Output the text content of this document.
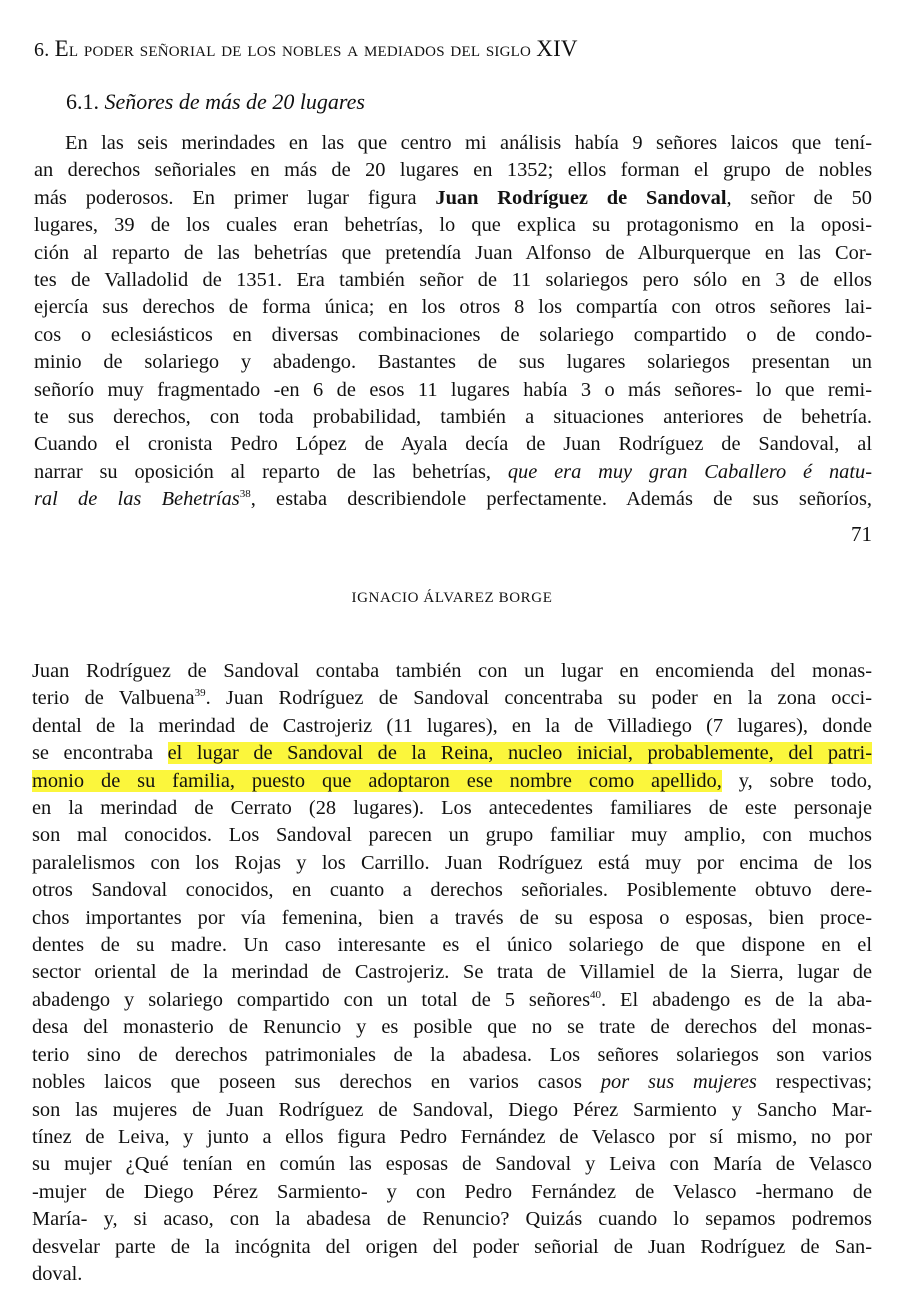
6. El poder señorial de los nobles a mediados del siglo XIV
6.1. Señores de más de 20 lugares
En las seis merindades en las que centro mi análisis había 9 señores laicos que tení-
an derechos señoriales en más de 20 lugares en 1352; ellos forman el grupo de nobles
más poderosos. En primer lugar figura Juan Rodríguez de Sandoval, señor de 50
lugares, 39 de los cuales eran behetrías, lo que explica su protagonismo en la oposi-
ción al reparto de las behetrías que pretendía Juan Alfonso de Alburquerque en las Cor-
tes de Valladolid de 1351. Era también señor de 11 solariegos pero sólo en 3 de ellos
ejercía sus derechos de forma única; en los otros 8 los compartía con otros señores lai-
cos o eclesiásticos en diversas combinaciones de solariego compartido o de condo-
minio de solariego y abadengo. Bastantes de sus lugares solariegos presentan un
señorío muy fragmentado -en 6 de esos 11 lugares había 3 o más señores- lo que remi-
te sus derechos, con toda probabilidad, también a situaciones anteriores de behetría.
Cuando el cronista Pedro López de Ayala decía de Juan Rodríguez de Sandoval, al
narrar su oposición al reparto de las behetrías, que era muy gran Caballero é natu-
ral de las Behetrías$^{38}$, estaba describiendole perfectamente. Además de sus señoríos,
71
IGNACIO ÁLVAREZ BORGE
Juan Rodríguez de Sandoval contaba también con un lugar en encomienda del monas-
terio de Valbuena$^{39}$. Juan Rodríguez de Sandoval concentraba su poder en la zona occi-
dental de la merindad de Castrojeriz (11 lugares), en la de Villadiego (7 lugares), donde
se encontraba el lugar de Sandoval de la Reina, nucleo inicial, probablemente, del patri-
monio de su familia, puesto que adoptaron ese nombre como apellido, y, sobre todo,
en la merindad de Cerrato (28 lugares). Los antecedentes familiares de este personaje
son mal conocidos. Los Sandoval parecen un grupo familiar muy amplio, con muchos
paralelismos con los Rojas y los Carrillo. Juan Rodríguez está muy por encima de los
otros Sandoval conocidos, en cuanto a derechos señoriales. Posiblemente obtuvo dere-
chos importantes por vía femenina, bien a través de su esposa o esposas, bien proce-
dentes de su madre. Un caso interesante es el único solariego de que dispone en el
sector oriental de la merindad de Castrojeriz. Se trata de Villamiel de la Sierra, lugar de
abadengo y solariego compartido con un total de 5 señores$^{40}$. El abadengo es de la aba-
desa del monasterio de Renuncio y es posible que no se trate de derechos del monas-
terio sino de derechos patrimoniales de la abadesa. Los señores solariegos son varios
nobles laicos que poseen sus derechos en varios casos por sus mujeres respectivas;
son las mujeres de Juan Rodríguez de Sandoval, Diego Pérez Sarmiento y Sancho Mar-
tínez de Leiva, y junto a ellos figura Pedro Fernández de Velasco por sí mismo, no por
su mujer ¿Qué tenían en común las esposas de Sandoval y Leiva con María de Velasco
-mujer de Diego Pérez Sarmiento- y con Pedro Fernández de Velasco -hermano de
María- y, si acaso, con la abadesa de Renuncio? Quizás cuando lo sepamos podremos
desvelar parte de la incógnita del origen del poder señorial de Juan Rodríguez de San-
doval.
